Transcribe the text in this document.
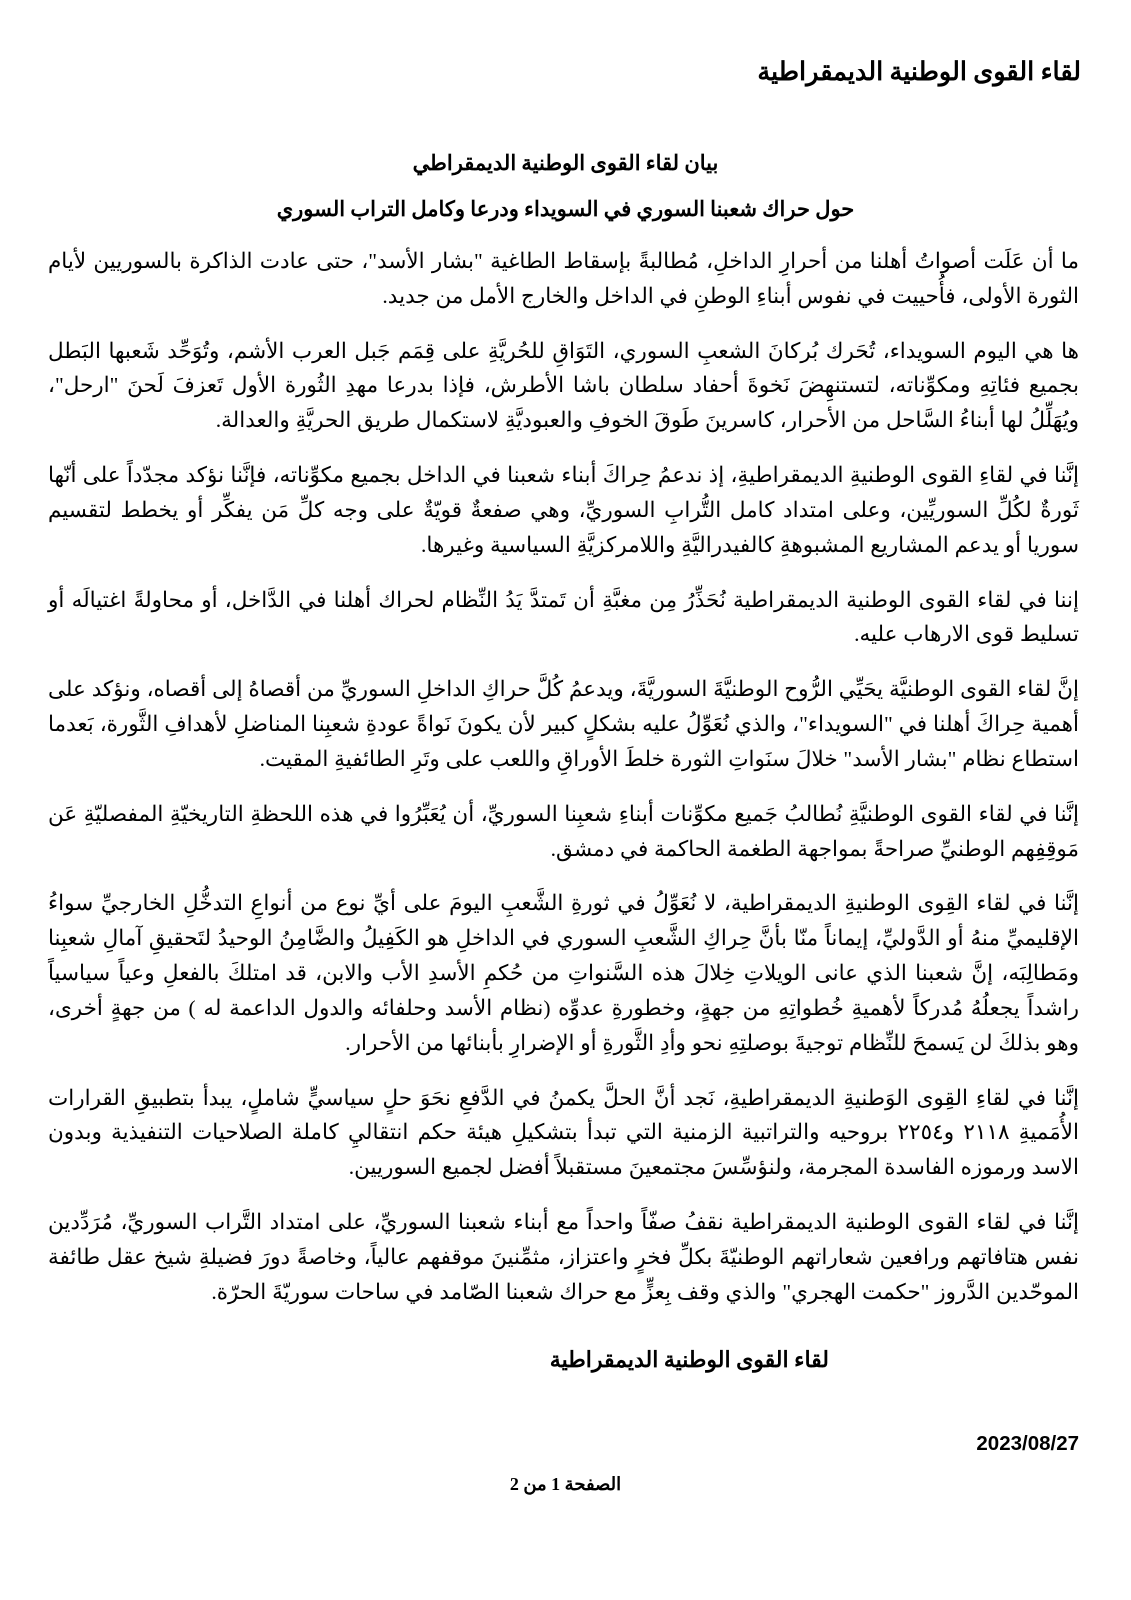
لقاء القوى الوطنية الديمقراطية

بيان لقاء القوى الوطنية الديمقراطي

حول حراك شعبنا السوري في السويداء ودرعا وكامل التراب السوري

ما أن عَلَت أصواتُ أهلنا من أحرارِ الداخلِ، مُطالبةً بإسقاط الطاغية "بشار الأسد"، حتى عادت الذاكرة بالسوريين لأيام الثورة الأولى، فأُحييت في نفوس أبناءِ الوطنِ في الداخل والخارج الأمل من جديد.

ها هي اليوم السويداء، تُحَرك بُركانَ الشعبِ السوري، التَوَاقِ للحُريَّةِ على قِمَم جَبل العرب الأشم، وتُوَحِّد شَعبها البَطل بجميع فئاتِهِ ومكوِّناته، لتستنهِضَ نَخوةَ أحفاد سلطان باشا الأطرش، فإذا بدرعا مهدِ الثُورة الأول تَعزفَ لَحنَ "ارحل"، ويُهَلِّلُ لها أبناءُ السَّاحل من الأحرار، كاسرينَ طَوقَ الخوفِ والعبوديَّةِ لاستكمال طريق الحريَّةِ والعدالة.

إنَّنا في لقاءِ القوى الوطنيةِ الديمقراطيةِ، إذ ندعمُ حِراكَ أبناء شعبنا في الداخل بجميع مكوِّناته، فإنَّنا نؤكد مجدّداً على أنّها ثَورةٌ لكُلِّ السوريِّين، وعلى امتداد كامل التُّرابِ السوريِّ، وهي صفعةٌ قويّةٌ على وجه كلِّ مَن يفكِّر أو يخطط لتقسيم سوريا أو يدعم المشاريع المشبوهةِ كالفيدراليَّةِ واللامركزيَّةِ السياسية وغيرها.

إننا في لقاء القوى الوطنية الديمقراطية نُحَذِّرُ مِن مغبَّةِ أن تَمتدَّ يَدُ النِّظام لحراك أهلنا في الدَّاخل، أو محاولةً اغتيالَه أو تسليط قوى الارهاب عليه.

إنَّ لقاء القوى الوطنيَّة يحَيِّي الرُّوح الوطنيَّةَ السوريَّةَ، ويدعمُ كُلَّ حراكِ الداخلِ السوريِّ من أقصاهُ إلى أقصاه، ونؤكد على أهمية حِراكَ أهلنا في "السويداء"، والذي نُعَوِّلُ عليه بشكلٍ كبير لأن يكونَ نَواةً عودةِ شعبِنا المناضلِ لأهدافِ الثَّورة، بَعدما استطاع نظام "بشار الأسد" خلالَ سنَواتِ الثورة خلطَ الأوراقِ واللعب على وتَرِ الطائفيةِ المقيت.

إنَّنا في لقاء القوى الوطنيَّةِ نُطالبُ جَميع مكوِّنات أبناءِ شعبِنا السوريِّ، أن يُعَبِّرُوا في هذه اللحظةِ التاريخيّةِ المفصليّةِ عَن مَوقِفِهم الوطنيِّ صراحةً بمواجهة الطغمة الحاكمة في دمشق.

إنَّنا في لقاء القِوى الوطنيةِ الديمقراطية، لا نُعَوِّلُ في ثورةِ الشَّعبِ اليومَ على أيِّ نوع من أنواعِ التدخُّلِ الخارجيِّ سواءُ الإقليميِّ منهُ أو الدَّوليِّ، إيماناً منّا بأنَّ حِراكِ الشَّعبِ السوري في الداخلِ هو الكَفِيلُ والضَّامِنُ الوحيدُ لتَحقيقِ آمالِ شعبِنا ومَطالِبَه، إنَّ شعبنا الذي عانى الويلاتِ خِلالَ هذه السَّنواتِ من حُكمِ الأسدِ الأب والابن، قد امتلكَ بالفعلِ وعياً سياسياً راشداً يجعلُهُ مُدركاً لأهميةِ خُطواتِهِ من جهةٍ، وخطورةِ عدوِّه (نظام الأسد وحلفائه والدول الداعمة له ) من جهةٍ أخرى، وهو بذلكَ لن يَسمحَ للنِّظام توجيةَ بوصلتِهِ نحو وأدِ الثَّورةِ أو الإضرارِ بأبنائها من الأحرار.

إنَّنا في لقاءِ القِوى الوَطنيةِ الديمقراطيةِ، نَجد أنَّ الحلَّ يكمنُ في الدَّفعِ نحَوَ حلٍ سياسيٍّ شاملٍ، يبدأ بتطبيقِ القرارات الأُمَميةِ ٢١١٨ و٢٢٥٤ بروحيه والتراتبية الزمنية التي تبدأ بتشكيلِ هيئة حكم انتقاليِ كاملة الصلاحيات التنفيذية وبدون الاسد ورموزه الفاسدة المجرمة، ولنؤسِّسَ مجتمعينَ مستقبلاً أفضل لجميع السوريين.

إنَّنا في لقاء القوى الوطنية الديمقراطية نقفُ صفّاً واحداً مع أبناء شعبنا السوريِّ، على امتداد التَّراب السوريِّ، مُرَدِّدين نفس هتافاتهم ورافعين شعاراتهم الوطنيّةَ بكلِّ فخرٍ واعتزاز، مثمِّنينَ موقفهم عالياً، وخاصةً دورَ فضيلةِ شيخ عقل طائفة الموحّدين الدَّروز "حكمت الهجري" والذي وقف بِعزٍّ مع حراك شعبنا الصّامد في ساحات سوريّةَ الحرّة.

لقاء القوى الوطنية الديمقراطية
2023/08/27
الصفحة 1 من 2
